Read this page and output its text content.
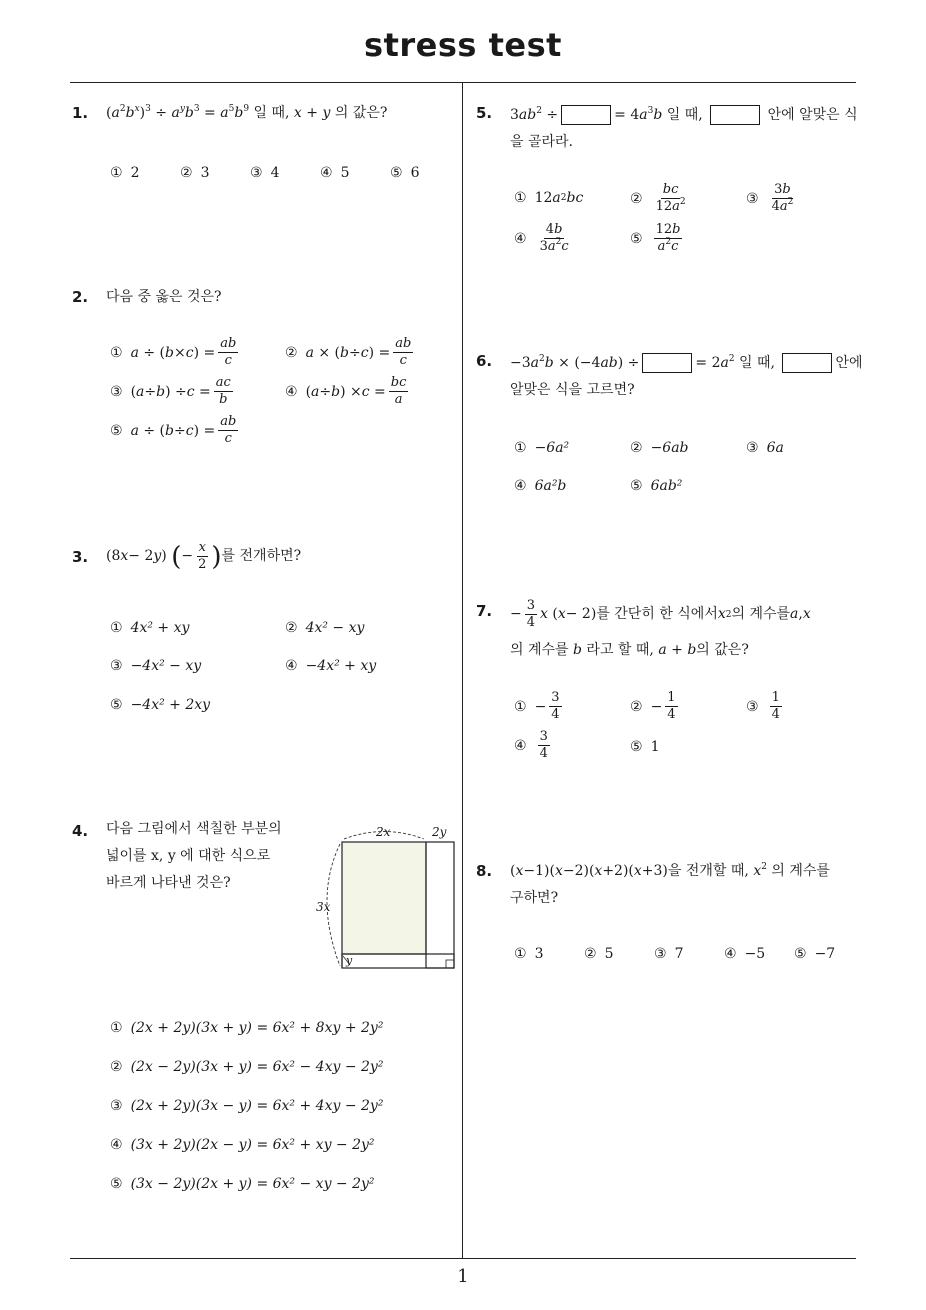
stress test
1. $(a^2b^x)^3 \div a^yb^3 = a^5b^9$ 일 때, x + y 의 값은?
① 2	② 3	③ 4	④ 5	⑤ 6
2. 다음 중 옳은 것은?
① a ÷ ( b × c ) = $\frac{ab}{c}$	② a × ( b ÷ c ) = $\frac{ab}{c}$
③ ( a ÷ b ) ÷ $c = \frac{ac}{b}$	④ ( a ÷ b ) × $c = \frac{bc}{a}$
⑤ a ÷ ( b ÷ c ) = $\frac{ab}{c}$
3. (8 x − 2 y ) ( − $\frac{x}{2}$ ) 를 전개하면?
① 4x² + xy	② 4x² − xy
③ −4x² − xy	④ −4x² + xy
⑤ −4x² + 2xy
4. 다음 그림에서 색칠한 부분의
넓이를 x, y 에 대한 식으로
바르게 나타낸 것은?
2x	2y
3x
y
① (2x + 2y)(3x + y) = 6x² + 8xy + 2y²
② (2x − 2y)(3x + y) = 6x² − 4xy − 2y²
③ (2x + 2y)(3x − y) = 6x² + 4xy − 2y²
④ (3x + 2y)(2x − y) = 6x² + xy − 2y²
⑤ (3x − 2y)(2x + y) = 6x² − xy − 2y²
5. $3ab^2$ ÷	= $4a^3b$ 일 때,	안에 알맞은 식
을 골라라.
① 12 a 2 bc	② $\frac{bc}{12a^2}$	③ $\frac{3b}{4a^2}$
④ $\frac{4b}{3a^2c}$	⑤ $\frac{12b}{a^2c}$
6. $-3a^2b \times (-4ab)$ ÷	= $2a^2$ 일 때,	안에
알맞은 식을 고르면?
① −6a²	② −6ab	③ 6a
④ 6a²b	⑤ 6ab²
7. − $\frac{3}{4}$ x ( x − 2) 를 간단히 한 식에서 x 2 의 계수를 a , x
의 계수를 b 라고 할 때, a + b의 값은?
① − $\frac{3}{4}$	② − $\frac{1}{4}$	③ $\frac{1}{4}$
④ $\frac{3}{4}$	⑤ 1
8. (x−1)(x−2)(x+2)(x+3)을 전개할 때, $x^2$ 의 계수를
구하면?
① 3	② 5	③ 7	④ −5 ⑤ −7
1
